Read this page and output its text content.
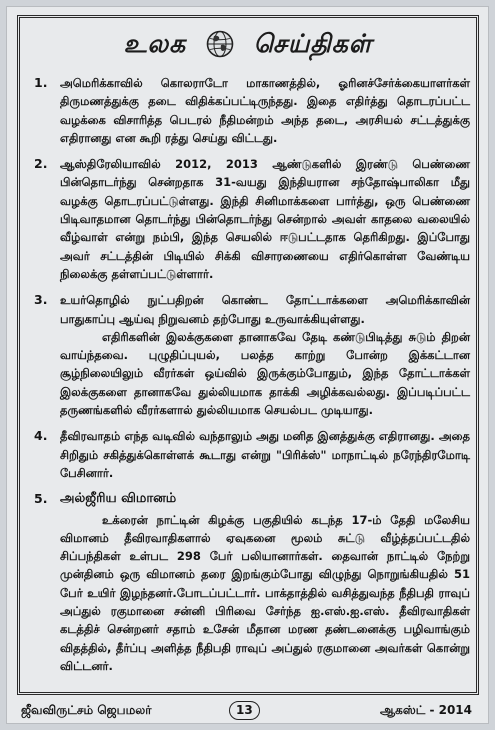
உலக	செய்திகள்
1. அமெரிக்காவில் கொலராடோ மாகாணத்தில், ஓரினச்சேர்க்கையாளர்கள் திருமணத்துக்கு தடை விதிக்கப்பட்டிருந்தது. இதை எதிர்த்து தொடரப்பட்ட வழக்கை விசாரித்த பெடரல் நீதிமன்றம் அந்த தடை, அரசியல் சட்டத்துக்கு எதிரானது என கூறி ரத்து செய்து விட்டது.

2. ஆஸ்திரேலியாவில் 2012, 2013 ஆண்டுகளில் இரண்டு பெண்ணை பின்தொடர்ந்து சென்றதாக 31-வயது இந்தியரான சந்தோஷ்பாலிகா மீது வழக்கு தொடரப்பட்டுள்ளது. இந்தி சினிமாக்களை பார்த்து, ஒரு பெண்ணை பிடிவாதமான தொடர்ந்து பின்தொடர்ந்து சென்றால் அவள் காதலை வலையில் வீழ்வாள் என்று நம்பி, இந்த செயலில் ஈடுபட்டதாக தெரிகிறது. இப்போது அவர் சட்டத்தின் பிடியில் சிக்கி விசாரணையை எதிர்கொள்ள வேண்டிய நிலைக்கு தள்ளப்பட்டுள்ளார்.

3. உயர்தொழில் நுட்பதிறன் கொண்ட தோட்டாக்களை அமெரிக்காவின் பாதுகாப்பு ஆய்வு நிறுவனம் தற்போது உருவாக்கியுள்ளது.

எதிரிகளின் இலக்குகளை தானாகவே தேடி கண்டுபிடித்து சுடும் திறன் வாய்ந்தவை. புழுதிப்புயல், பலத்த காற்று போன்ற இக்கட்டான சூழ்நிலையிலும் வீரர்கள் ஒய்வில் இருக்கும்போதும், இந்த தோட்டாக்கள் இலக்குகளை தானாகவே துல்லியமாக தாக்கி அழிக்கவல்லது. இப்படிப்பட்ட தருணங்களில் வீரர்களால் துல்லியமாக செயல்பட முடியாது.

4. தீவிரவாதம் எந்த வடிவில் வந்தாலும் அது மனித இனத்துக்கு எதிரானது. அதை சிறிதும் சகித்துக்கொள்ளக் கூடாது என்று "பிரிக்ஸ்" மாநாட்டில் நரேந்திரமோடி பேசினார்.

5. அல்ஜீரிய விமானம்

உக்ரைன் நாட்டின் கிழக்கு பகுதியில் கடந்த 17-ம் தேதி மலேசிய விமானம் தீவிரவாதிகளால் ஏவுகனை மூலம் சுட்டு வீழ்த்தப்பட்டதில் சிப்பந்திகள் உள்பட 298 பேர் பலியானார்கள். தைவான் நாட்டில் நேற்று முன்தினம் ஒரு விமானம் தரை இறங்கும்போது விழுந்து நொறுங்கியதில் 51 பேர் உயிர் இழந்தனர்.போடப்பட்டார். பாக்தாத்தில் வசித்துவந்த நீதிபதி ராவுப் அப்துல் ரகுமானை சன்னி பிரிவை சேர்ந்த ஐ.எஸ்.ஐ.எஸ். தீவிரவாதிகள் கடத்திச் சென்றனர் சதாம் உசேன் மீதான மரண தண்டனைக்கு பழிவாங்கும் விதத்தில், தீர்ப்பு அளித்த நீதிபதி ராவுப் அப்துல் ரகுமானை அவர்கள் கொன்று விட்டனர்.

ஜீவவிருட்சம் ஜெபமலர்	13	ஆகஸ்ட் - 2014
